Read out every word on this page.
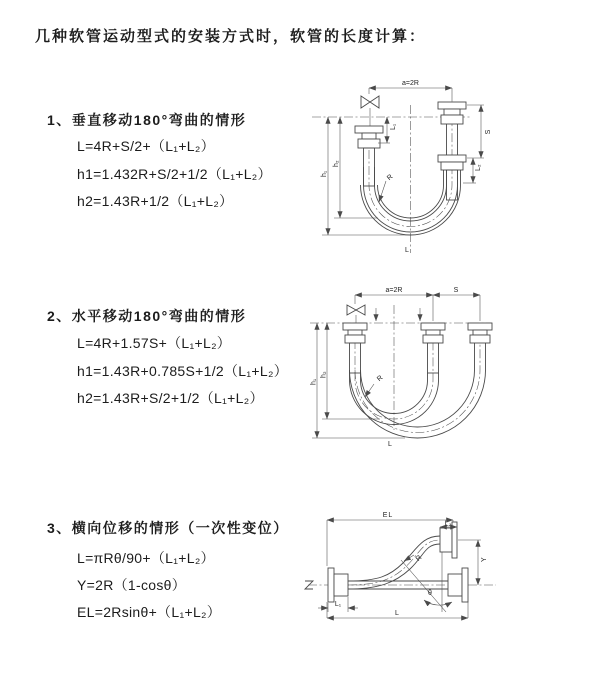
几种软管运动型式的安装方式时，软管的长度计算：
1、垂直移动180°弯曲的情形
L=4R+S/2+（L₁+L₂）
h1=1.432R+S/2+1/2（L₁+L₂）
h2=1.43R+1/2（L₁+L₂）
2、水平移动180°弯曲的情形
L=4R+1.57S+（L₁+L₂）
h1=1.43R+0.785S+1/2（L₁+L₂）
h2=1.43R+S/2+1/2（L₁+L₂）
3、横向位移的情形（一次性变位）
L=πRθ/90+（L₁+L₂）
Y=2R（1-cosθ）
EL=2Rsinθ+（L₁+L₂）
a=2R
S
L₂
L₁
h₁
h₂
R
L
a=2R	S
h₁
h₂	R
L
EL
L₂
Y
θ
R
L
L₁
